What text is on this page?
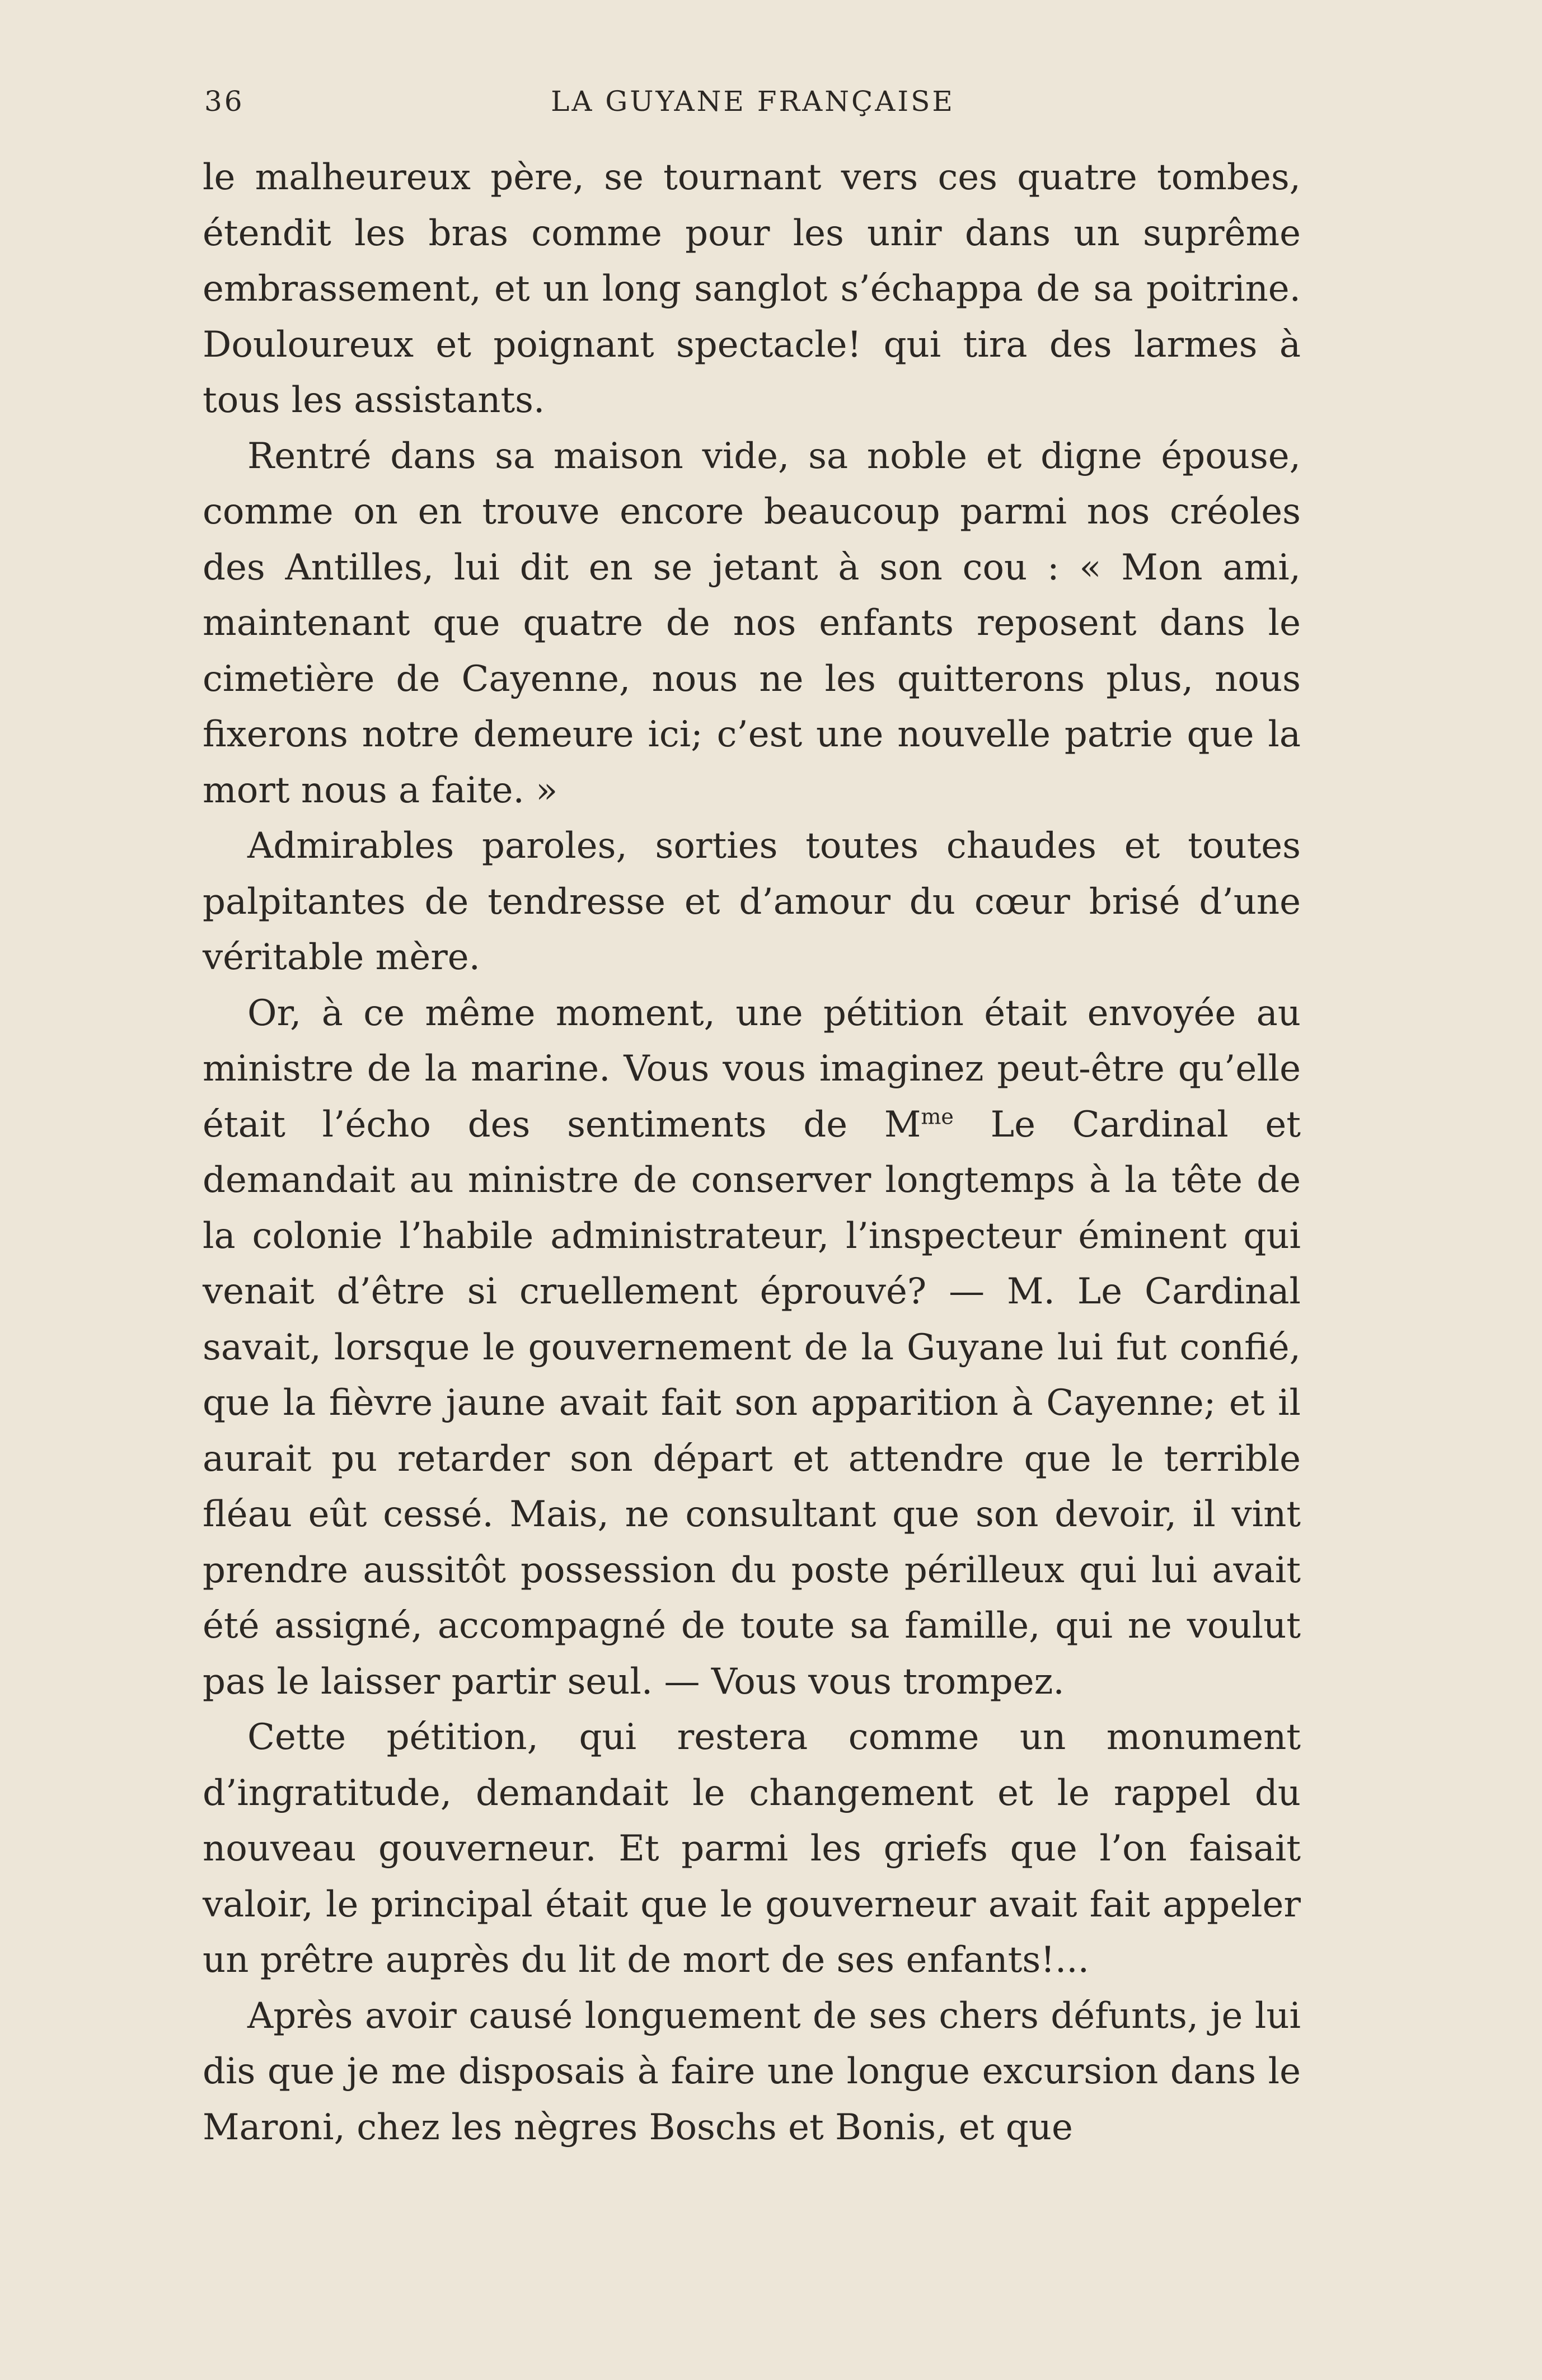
36	LA GUYANE FRANÇAISE

le malheureux père, se tournant vers ces quatre tombes, étendit les bras comme pour les unir dans un suprême embrassement, et un long sanglot s’échappa de sa poitrine. Douloureux et poignant spectacle! qui tira des larmes à tous les assistants.

Rentré dans sa maison vide, sa noble et digne épouse, comme on en trouve encore beaucoup parmi nos créoles des Antilles, lui dit en se jetant à son cou : « Mon ami, maintenant que quatre de nos enfants reposent dans le cimetière de Cayenne, nous ne les quitterons plus, nous fixerons notre demeure ici; c’est une nouvelle patrie que la mort nous a faite. »

Admirables paroles, sorties toutes chaudes et toutes palpitantes de tendresse et d’amour du cœur brisé d’une véritable mère.

Or, à ce même moment, une pétition était envoyée au ministre de la marine. Vous vous imaginez peut-être qu’elle était l’écho des sentiments de $M^{me}$ Le Cardinal et demandait au ministre de conserver longtemps à la tête de la colonie l’habile administrateur, l’inspecteur éminent qui venait d’être si cruellement éprouvé? — M. Le Cardinal savait, lorsque le gouvernement de la Guyane lui fut confié, que la fièvre jaune avait fait son apparition à Cayenne; et il aurait pu retarder son départ et attendre que le terrible fléau eût cessé. Mais, ne consultant que son devoir, il vint prendre aussitôt possession du poste périlleux qui lui avait été assigné, accompagné de toute sa famille, qui ne voulut pas le laisser partir seul. — Vous vous trompez.

Cette pétition, qui restera comme un monument d’ingratitude, demandait le changement et le rappel du nouveau gouverneur. Et parmi les griefs que l’on faisait valoir, le principal était que le gouverneur avait fait appeler un prêtre auprès du lit de mort de ses enfants!...

Après avoir causé longuement de ses chers défunts, je lui dis que je me disposais à faire une longue excursion dans le Maroni, chez les nègres Boschs et Bonis, et que
